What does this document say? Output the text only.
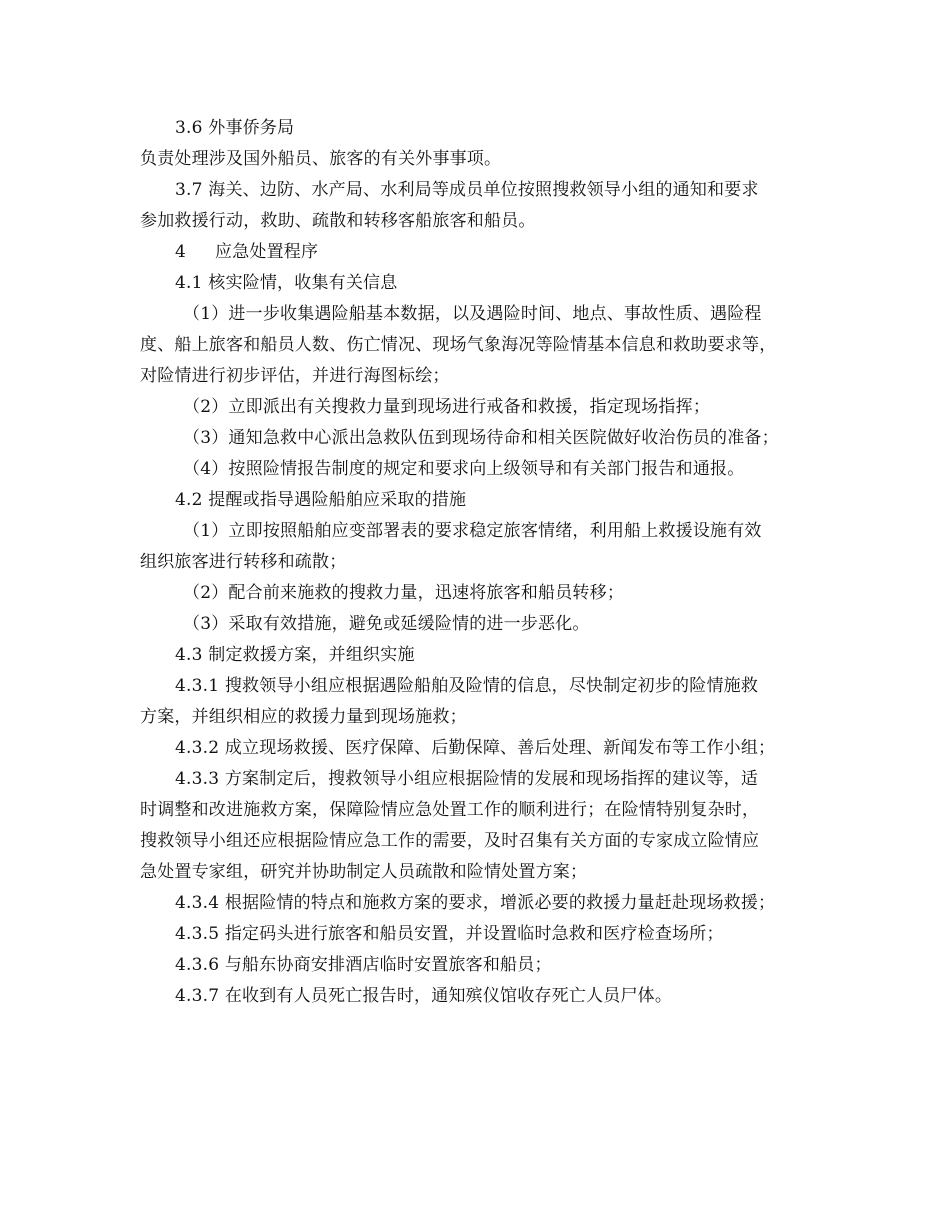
3.6 外事侨务局
负责处理涉及国外船员、旅客的有关外事事项。
3.7 海关、边防、水产局、水利局等成员单位按照搜救领导小组的通知和要求
参加救援行动，救助、疏散和转移客船旅客和船员。
4 应急处置程序
4.1 核实险情，收集有关信息
（1）进一步收集遇险船基本数据，以及遇险时间、地点、事故性质、遇险程
度、船上旅客和船员人数、伤亡情况、现场气象海况等险情基本信息和救助要求等，
对险情进行初步评估，并进行海图标绘；
（2）立即派出有关搜救力量到现场进行戒备和救援，指定现场指挥；
（3）通知急救中心派出急救队伍到现场待命和相关医院做好收治伤员的准备；
（4）按照险情报告制度的规定和要求向上级领导和有关部门报告和通报。
4.2 提醒或指导遇险船舶应采取的措施
（1）立即按照船舶应变部署表的要求稳定旅客情绪，利用船上救援设施有效
组织旅客进行转移和疏散；
（2）配合前来施救的搜救力量，迅速将旅客和船员转移；
（3）采取有效措施，避免或延缓险情的进一步恶化。
4.3 制定救援方案，并组织实施
4.3.1 搜救领导小组应根据遇险船舶及险情的信息，尽快制定初步的险情施救
方案，并组织相应的救援力量到现场施救；
4.3.2 成立现场救援、医疗保障、后勤保障、善后处理、新闻发布等工作小组；
4.3.3 方案制定后，搜救领导小组应根据险情的发展和现场指挥的建议等，适
时调整和改进施救方案，保障险情应急处置工作的顺利进行；在险情特别复杂时，
搜救领导小组还应根据险情应急工作的需要，及时召集有关方面的专家成立险情应
急处置专家组，研究并协助制定人员疏散和险情处置方案；
4.3.4 根据险情的特点和施救方案的要求，增派必要的救援力量赶赴现场救援；
4.3.5 指定码头进行旅客和船员安置，并设置临时急救和医疗检查场所；
4.3.6 与船东协商安排酒店临时安置旅客和船员；
4.3.7 在收到有人员死亡报告时，通知殡仪馆收存死亡人员尸体。
